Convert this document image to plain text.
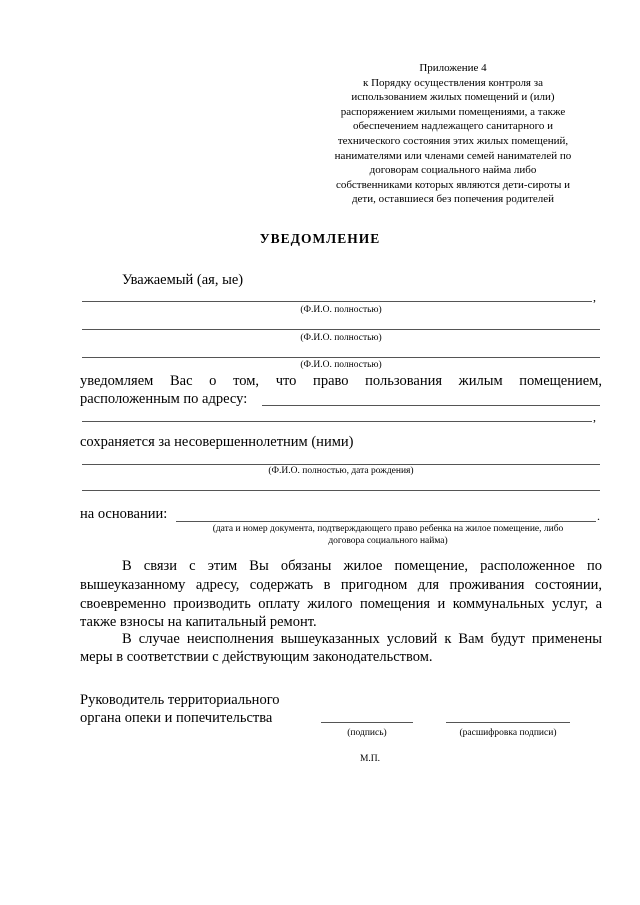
Приложение 4
к Порядку осуществления контроля за
использованием жилых помещений и (или)
распоряжением жилыми помещениями, а также
обеспечением надлежащего санитарного и
технического состояния этих жилых помещений,
нанимателями или членами семей нанимателей по
договорам социального найма либо
собственниками которых являются дети-сироты и
дети, оставшиеся без попечения родителей
УВЕДОМЛЕНИЕ
Уважаемый (ая, ые)
,
(Ф.И.О. полностью)
(Ф.И.О. полностью)
(Ф.И.О. полностью)
уведомляем Вас о том, что право пользования жилым помещением,
расположенным по адресу:
,
сохраняется за несовершеннолетним (ними)
(Ф.И.О. полностью, дата рождения)
на основании:	.
(дата и номер документа, подтверждающего право ребенка на жилое помещение, либо
договора социального найма)
В связи с этим Вы обязаны жилое помещение, расположенное по
вышеуказанному адресу, содержать в пригодном для проживания состоянии,
своевременно производить оплату жилого помещения и коммунальных услуг, а
также взносы на капитальный ремонт.
В случае неисполнения вышеуказанных условий к Вам будут применены
меры в соответствии с действующим законодательством.
Руководитель территориального
органа опеки и попечительства
(подпись)	(расшифровка подписи)
М.П.
